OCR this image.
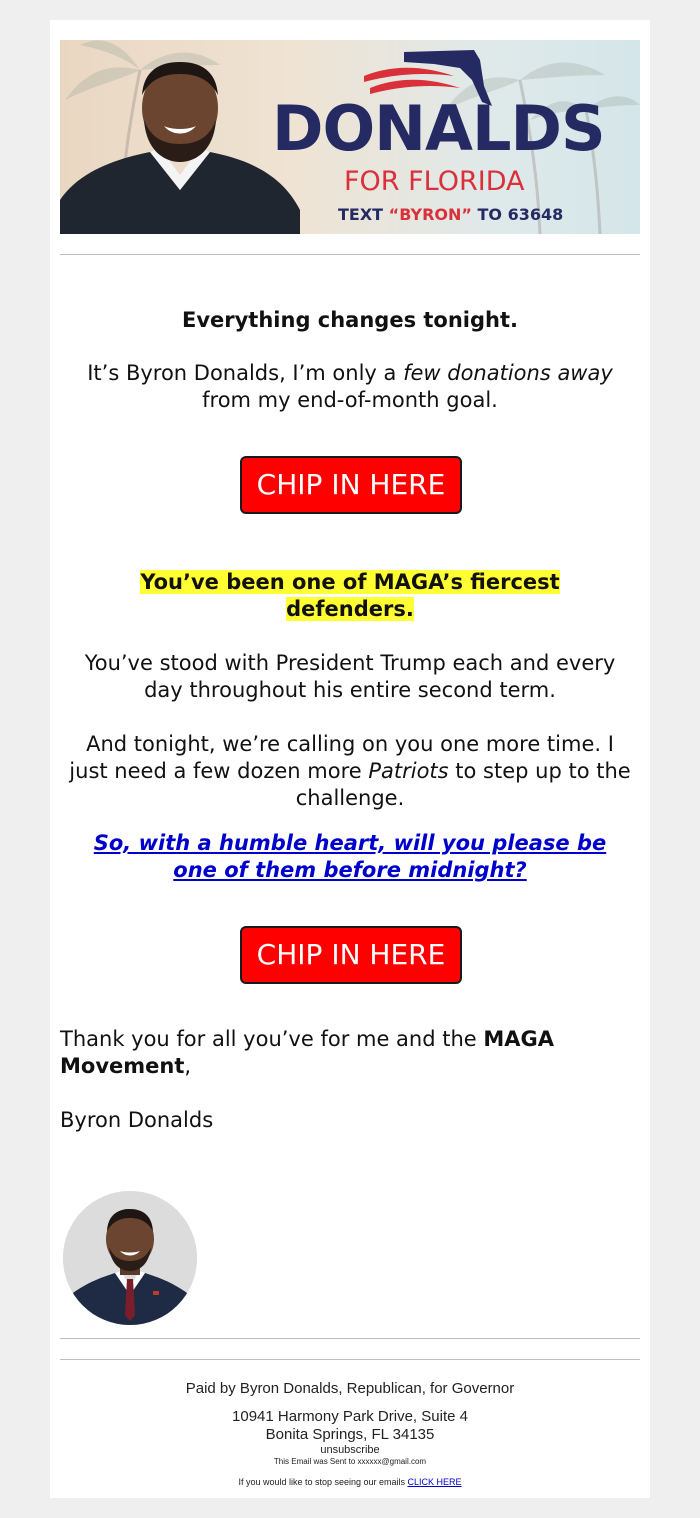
DONALDS
FOR FLORIDA
TEXT “BYRON” TO 63648
Everything changes tonight.
It’s Byron Donalds, I’m only a few donations away from my end-of-month goal.
CHIP IN HERE
You’ve been one of MAGA’s fiercest defenders.
You’ve stood with President Trump each and every day throughout his entire second term.
And tonight, we’re calling on you one more time. I just need a few dozen more Patriots to step up to the challenge.
So, with a humble heart, will you please be one of them before midnight?
CHIP IN HERE
Thank you for all you’ve for me and the MAGA Movement,
Byron Donalds
Paid by Byron Donalds, Republican, for Governor
10941 Harmony Park Drive, Suite 4
Bonita Springs, FL 34135
unsubscribe
This Email was Sent to xxxxxx@gmail.com
If you would like to stop seeing our emails CLICK HERE
